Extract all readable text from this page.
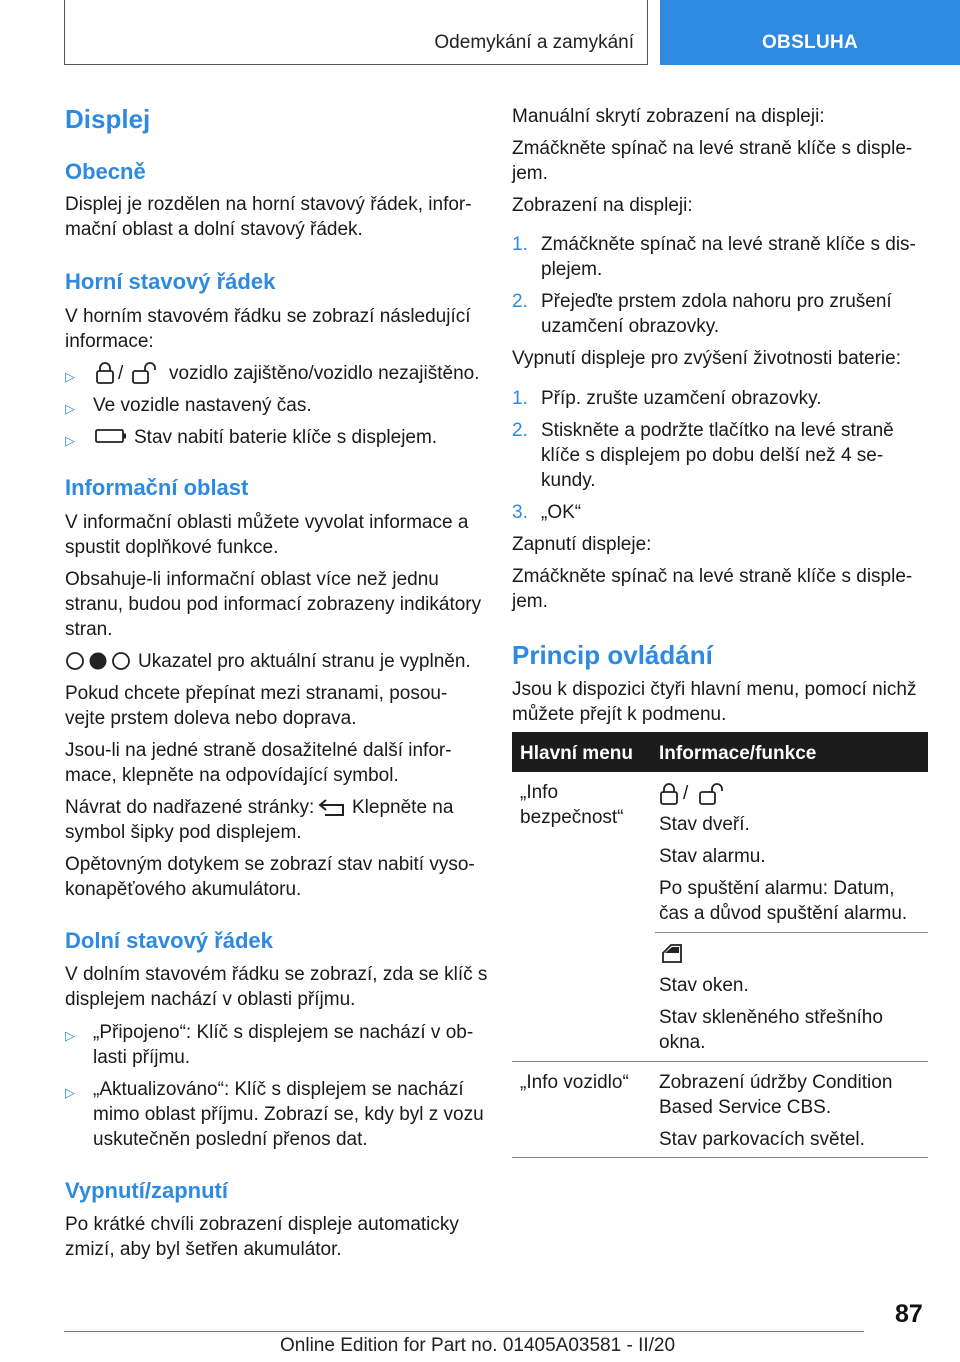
Odemykání a zamykání	OBSLUHA
Displej
Obecně
Displej je rozdělen na horní stavový řádek, infor-
mační oblast a dolní stavový řádek.
Horní stavový řádek
V horním stavovém řádku se zobrazí následující
informace:
▷ / vozidlo zajištěno/vozidlo nezajištěno.
▷ Ve vozidle nastavený čas.
▷	Stav nabití baterie klíče s displejem.
Informační oblast
V informační oblasti můžete vyvolat informace a
spustit doplňkové funkce.
Obsahuje-li informační oblast více než jednu
stranu, budou pod informací zobrazeny indikátory
stran.
Ukazatel pro aktuální stranu je vyplněn.
Pokud chcete přepínat mezi stranami, posou-
vejte prstem doleva nebo doprava.
Jsou-li na jedné straně dosažitelné další infor-
mace, klepněte na odpovídající symbol.
Návrat do nadřazené stránky: Klepněte na
symbol šipky pod displejem.
Opětovným dotykem se zobrazí stav nabití vyso-
konapěťového akumulátoru.
Dolní stavový řádek
V dolním stavovém řádku se zobrazí, zda se klíč s
displejem nachází v oblasti příjmu.
▷ „Připojeno“: Klíč s displejem se nachází v ob-
lasti příjmu.
▷ „Aktualizováno“: Klíč s displejem se nachází
mimo oblast příjmu. Zobrazí se, kdy byl z vozu
uskutečněn poslední přenos dat.
Vypnutí/zapnutí
Po krátké chvíli zobrazení displeje automaticky
zmizí, aby byl šetřen akumulátor.
Manuální skrytí zobrazení na displeji:
Zmáčkněte spínač na levé straně klíče s disple-
jem.
Zobrazení na displeji:
1. Zmáčkněte spínač na levé straně klíče s dis-
plejem.
2. Přejeďte prstem zdola nahoru pro zrušení
uzamčení obrazovky.
Vypnutí displeje pro zvýšení životnosti baterie:
1. Příp. zrušte uzamčení obrazovky.
2. Stiskněte a podržte tlačítko na levé straně
klíče s displejem po dobu delší než 4 se-
kundy.
3. „OK“
Zapnutí displeje:
Zmáčkněte spínač na levé straně klíče s disple-
jem.
Princip ovládání
Jsou k dispozici čtyři hlavní menu, pomocí nichž
můžete přejít k podmenu.
Hlavní menu Informace/funkce
„Info
bezpečnost“
/
Stav dveří.
Stav alarmu.
Po spuštění alarmu: Datum,
čas a důvod spuštění alarmu.
Stav oken.
Stav skleněného střešního
okna.
„Info vozidlo“ Zobrazení údržby Condition
Based Service CBS.
Stav parkovacích světel.
87
Online Edition for Part no. 01405A03581 - II/20
